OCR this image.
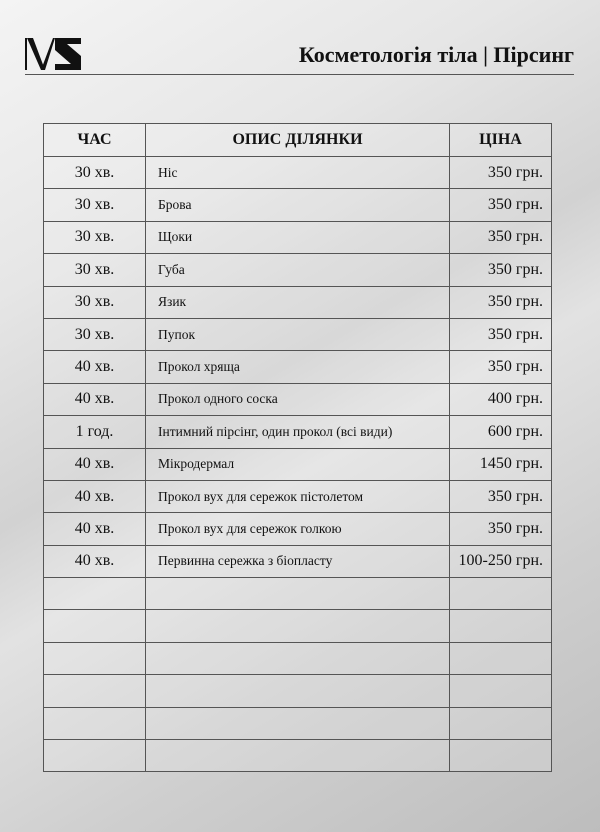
Косметологія тіла | Пірсинг
ЧАС	ОПИС ДІЛЯНКИ	ЦІНА
30 хв.	Ніс	350 грн.
30 хв.	Брова	350 грн.
30 хв.	Щоки	350 грн.
30 хв.	Губа	350 грн.
30 хв.	Язик	350 грн.
30 хв.	Пупок	350 грн.
40 хв.	Прокол хряща	350 грн.
40 хв.	Прокол одного соска	400 грн.
1 год.	Інтимний пірсінг, один прокол (всі види)	600 грн.
40 хв.	Мікродермал	1450 грн.
40 хв.	Прокол вух для сережок пістолетом	350 грн.
40 хв.	Прокол вух для сережок голкою	350 грн.
40 хв.	Первинна сережка з біопласту	100-250 грн.
